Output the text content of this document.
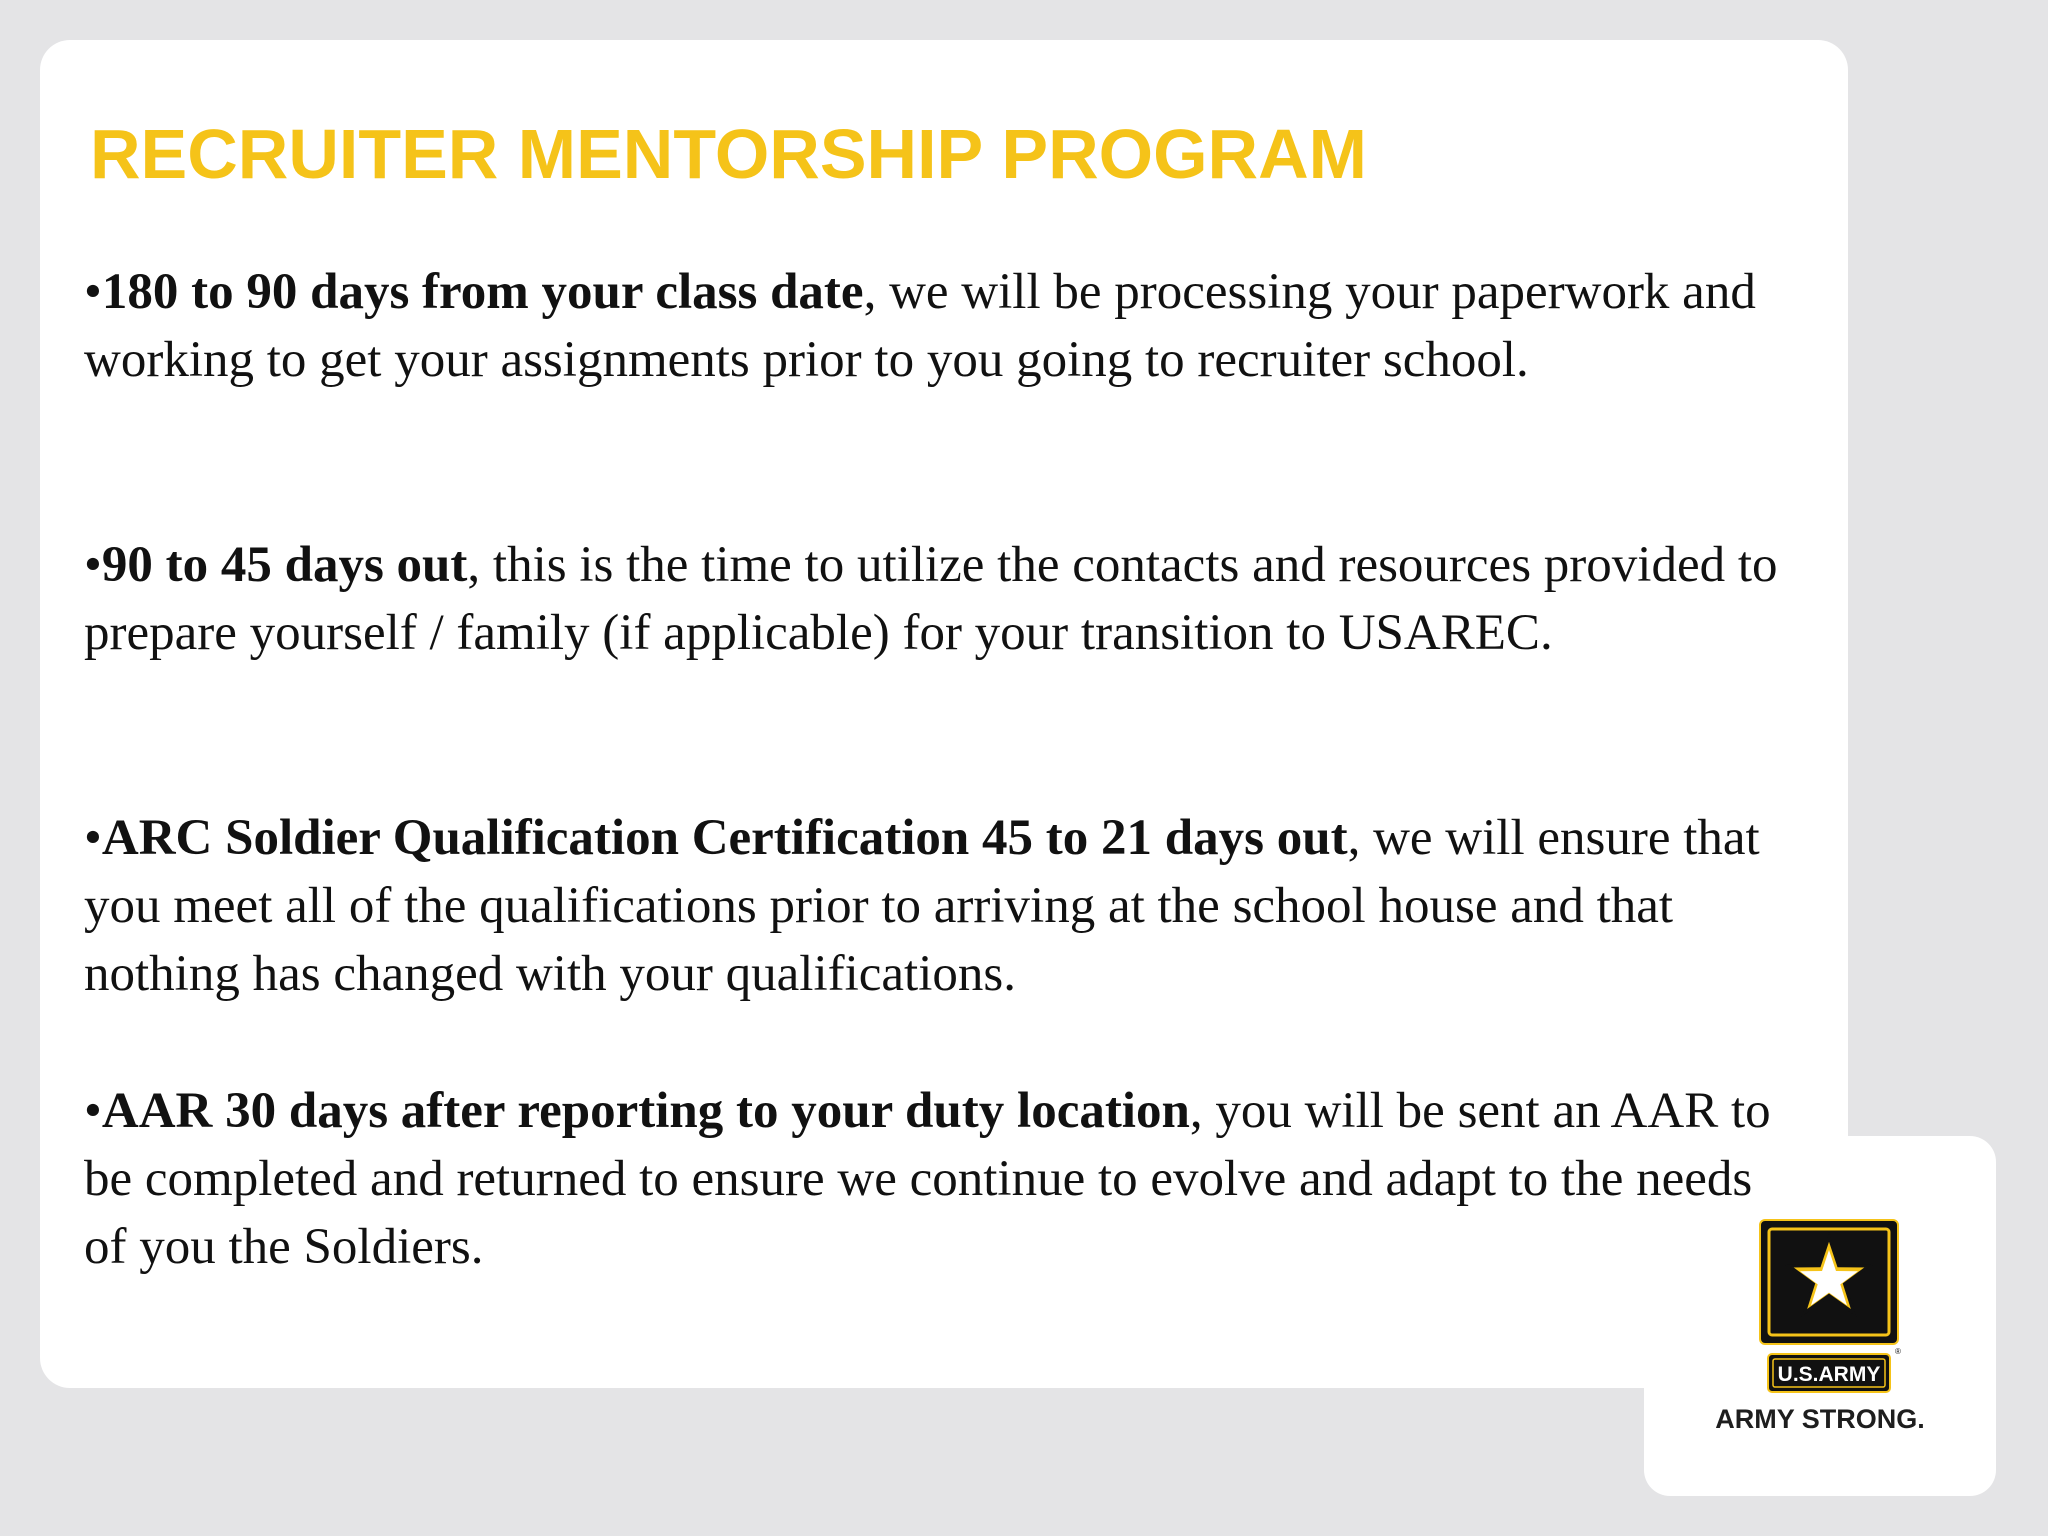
RECRUITER MENTORSHIP PROGRAM

•180 to 90 days from your class date, we will be processing your paperwork and working to get your assignments prior to you going to recruiter school.

•90 to 45 days out, this is the time to utilize the contacts and resources provided to prepare yourself / family (if applicable) for your transition to USAREC.

•ARC Soldier Qualification Certification 45 to 21 days out, we will ensure that you meet all of the qualifications prior to arriving at the school house and that nothing has changed with your qualifications.

•AAR 30 days after reporting to your duty location, you will be sent an AAR to be completed and returned to ensure we continue to evolve and adapt to the needs of you the Soldiers.

U.S.ARMY
®
ARMY STRONG.
